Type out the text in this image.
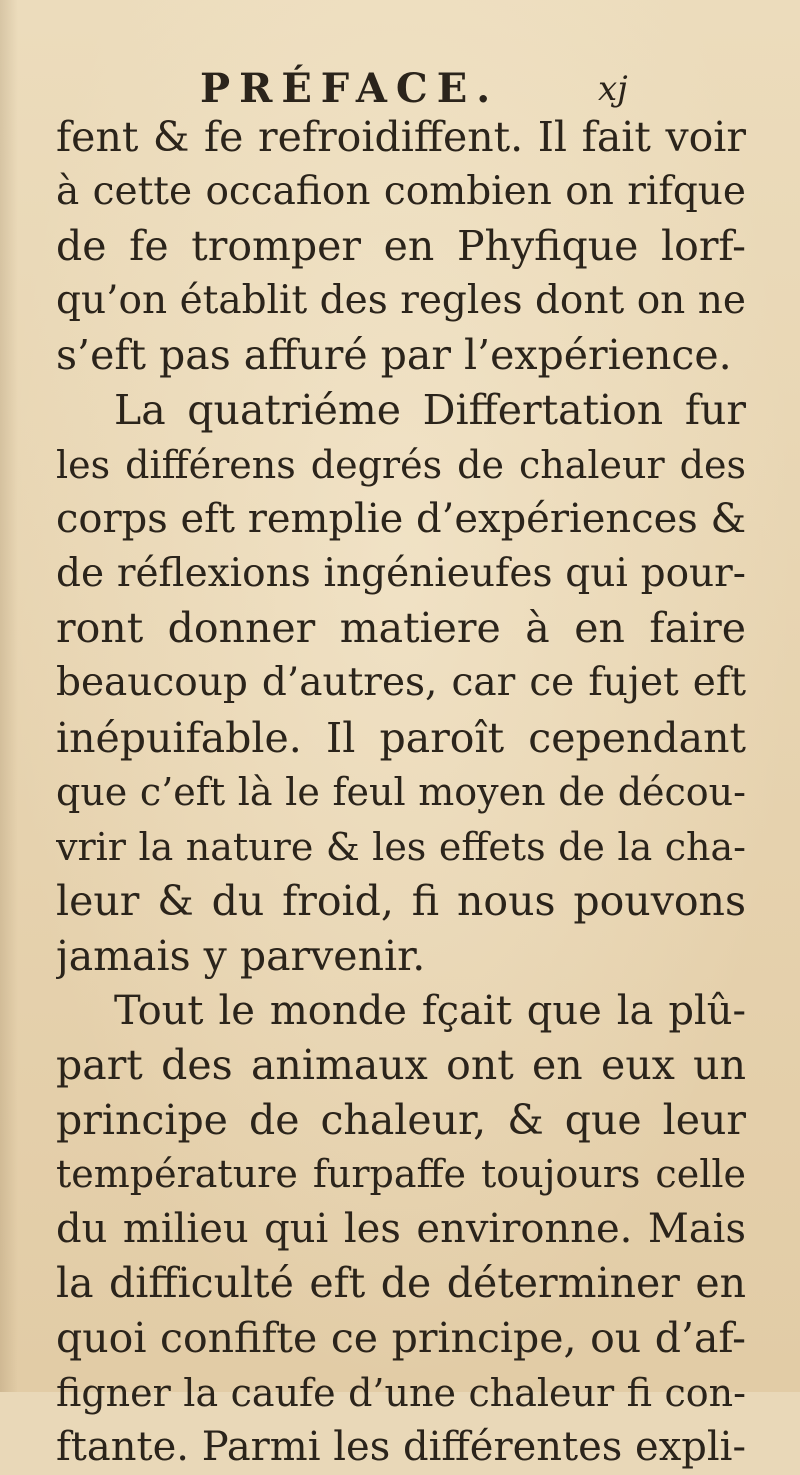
PRÉFACE.	xj
fent & fe refroidiffent. Il fait voir
à cette occafion combien on rifque
de fe tromper en Phyfique lorf-
qu’on établit des regles dont on ne
s’eft pas affuré par l’expérience.
La quatriéme Differtation fur
les différens degrés de chaleur des
corps eft remplie d’expériences &
de réflexions ingénieufes qui pour-
ront donner matiere à en faire
beaucoup d’autres, car ce fujet eft
inépuifable. Il paroît cependant
que c’eft là le feul moyen de décou-
vrir la nature & les effets de la cha-
leur & du froid, fi nous pouvons
jamais y parvenir.
Tout le monde fçait que la plû-
part des animaux ont en eux un
principe de chaleur, & que leur
température furpaffe toujours celle
du milieu qui les environne. Mais
la difficulté eft de déterminer en
quoi confifte ce principe, ou d’af-
figner la caufe d’une chaleur fi con-
ftante. Parmi les différentes expli-
